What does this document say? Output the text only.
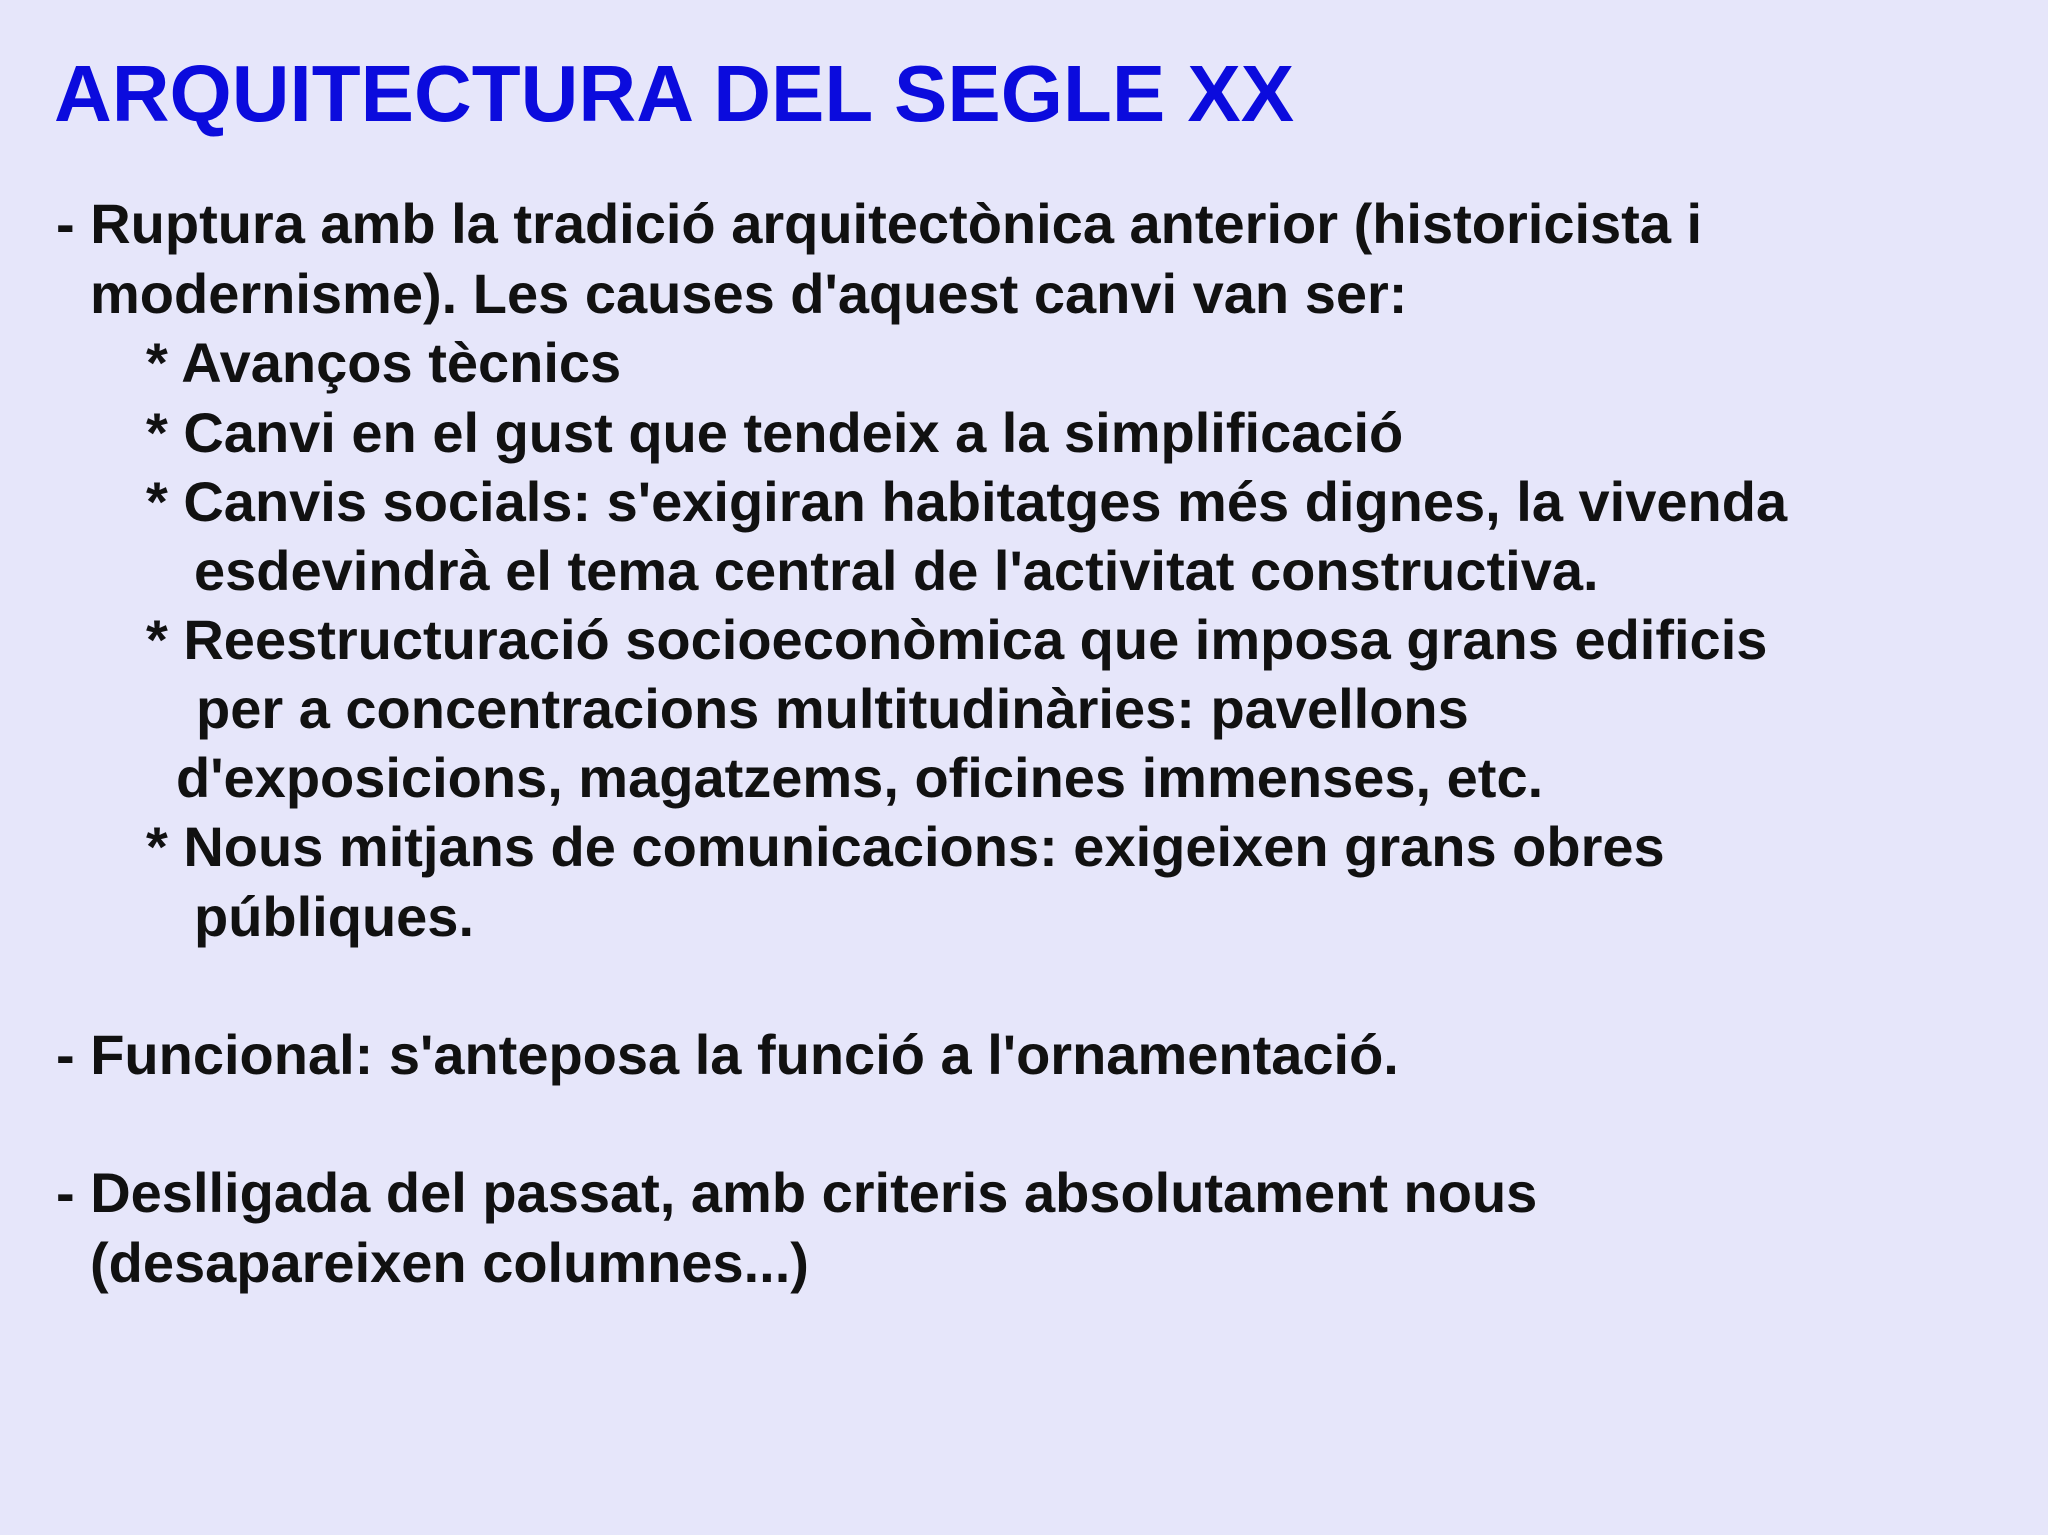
ARQUITECTURA DEL SEGLE XX

- Ruptura amb la tradició arquitectònica anterior (historicista i

modernisme). Les causes d'aquest canvi van ser:

* Avanços tècnics

* Canvi en el gust que tendeix a la simplificació

* Canvis socials: s'exigiran habitatges més dignes, la vivenda

esdevindrà el tema central de l'activitat constructiva.

* Reestructuració socioeconòmica que imposa grans edificis

per a concentracions multitudinàries: pavellons

d'exposicions, magatzems, oficines immenses, etc.

* Nous mitjans de comunicacions: exigeixen grans obres

públiques.

- Funcional: s'anteposa la funció a l'ornamentació.

- Deslligada del passat, amb criteris absolutament nous

(desapareixen columnes...)
